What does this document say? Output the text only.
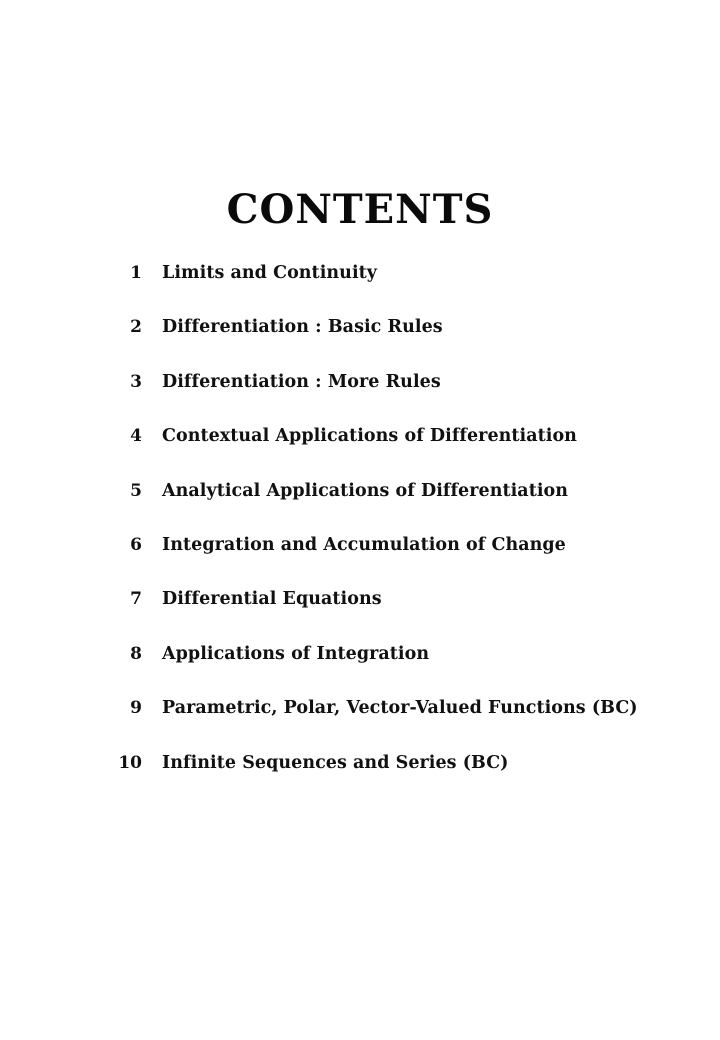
CONTENTS
1 Limits and Continuity
2 Differentiation : Basic Rules
3 Differentiation : More Rules
4 Contextual Applications of Differentiation
5 Analytical Applications of Differentiation
6 Integration and Accumulation of Change
7 Differential Equations
8 Applications of Integration
9 Parametric, Polar, Vector-Valued Functions (BC)
10 Infinite Sequences and Series (BC)
